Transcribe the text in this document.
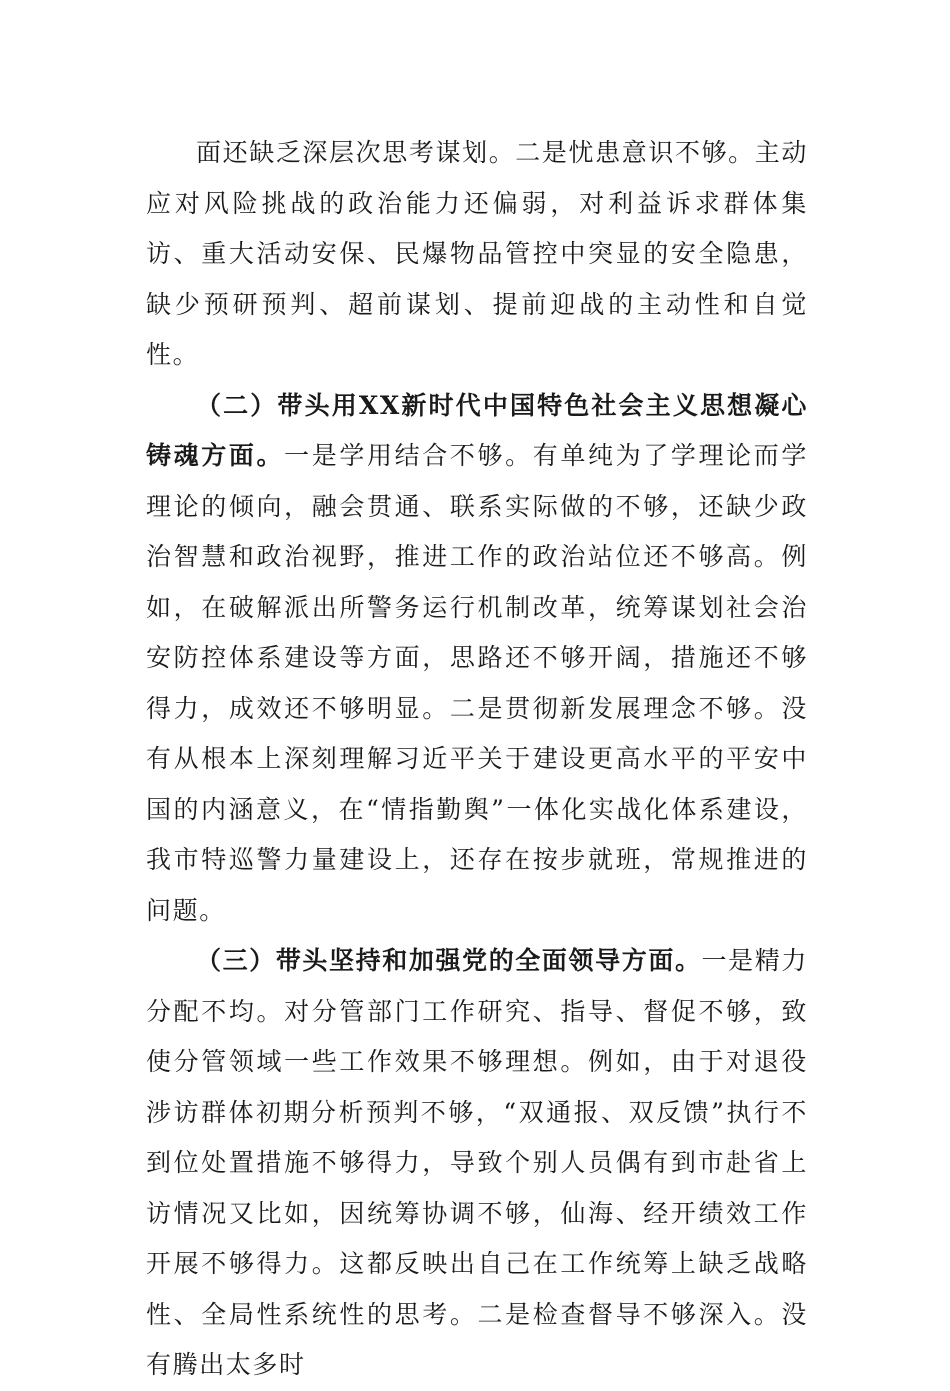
面还缺乏深层次思考谋划。二是忧患意识不够。主动应对风险挑战的政治能力还偏弱，对利益诉求群体集访、重大活动安保、民爆物品管控中突显的安全隐患，缺少预研预判、超前谋划、提前迎战的主动性和自觉性。

（二）带头用XX新时代中国特色社会主义思想凝心铸魂方面。一是学用结合不够。有单纯为了学理论而学理论的倾向，融会贯通、联系实际做的不够，还缺少政治智慧和政治视野，推进工作的政治站位还不够高。例如，在破解派出所警务运行机制改革，统筹谋划社会治安防控体系建设等方面，思路还不够开阔，措施还不够得力，成效还不够明显。二是贯彻新发展理念不够。没有从根本上深刻理解习近平关于建设更高水平的平安中国的内涵意义，在“情指勤舆”一体化实战化体系建设，我市特巡警力量建设上，还存在按步就班，常规推进的问题。

（三）带头坚持和加强党的全面领导方面。一是精力分配不均。对分管部门工作研究、指导、督促不够，致使分管领域一些工作效果不够理想。例如，由于对退役涉访群体初期分析预判不够，“双通报、双反馈”执行不到位处置措施不够得力，导致个别人员偶有到市赴省上访情况又比如，因统筹协调不够，仙海、经开绩效工作开展不够得力。这都反映出自己在工作统筹上缺乏战略性、全局性系统性的思考。二是检查督导不够深入。没有腾出太多时
